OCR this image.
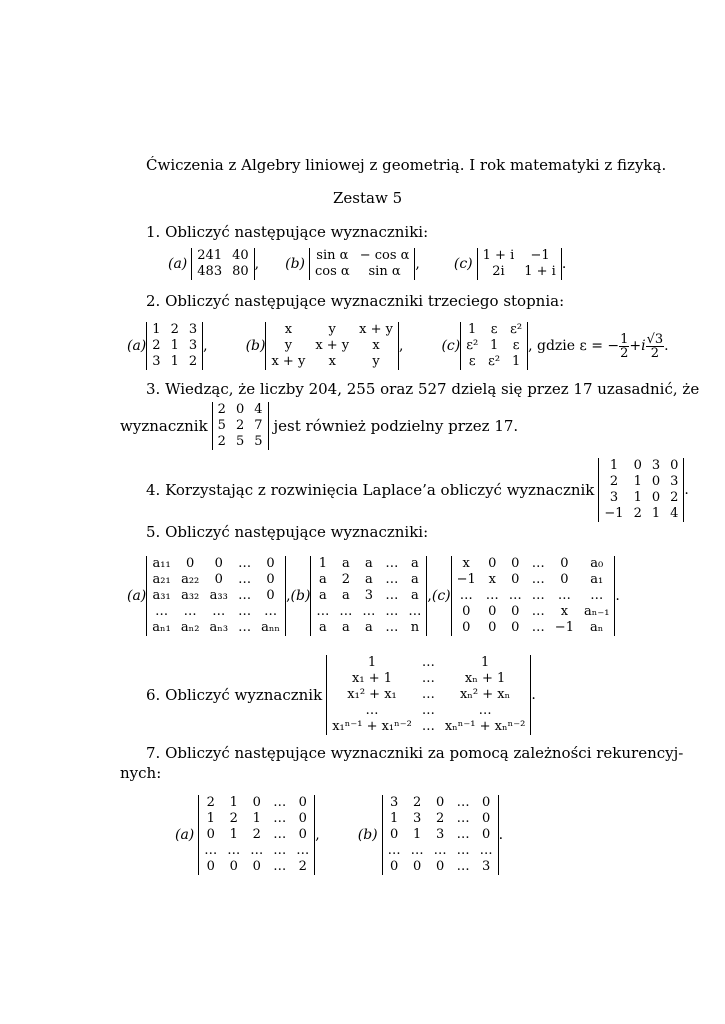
Ćwiczenia z Algebry liniowej z geometrią. I rok matematyki z fizyką.
Zestaw 5
1. Obliczyć następujące wyznaczniki:
(a)
241	40
483	80 , (b)
sin α	− cos α
cos α	sin α , (c)
1 + i	−1
2i	1 + i .
2. Obliczyć następujące wyznaczniki trzeciego stopnia:
(a)
1	2	3
2	1	3
3	1	2
,	(b)
x	y	x + y
y	x + y	x
x + y	x	y
,	(c)
1	ε	ε²
ε²	1	ε
ε	ε²	1
, gdzie ε = − $\frac{1}{2} +i \frac{√3}{2}$ .
3. Wiedząc, że liczby 204, 255 oraz 527 dzielą się przez 17 uzasadnić, że
wyznacznik
2	0	4
5	2	7
2	5	5
jest również podzielny przez 17.
4. Korzystając z rozwinięcia Laplace’a obliczyć wyznacznik
1	0	3	0
2	1	0	3
3	1	0	2
−1	2	1	4
.
5. Obliczyć następujące wyznaczniki:
(a)
a₁₁	0	0	…	0
a₂₁	a₂₂	0	…	0
a₃₁	a₃₂	a₃₃	…	0
…	…	…	…	…
aₙ₁	aₙ₂	aₙ₃	…	aₙₙ
, (b)
1	a	a	…	a
a	2	a	…	a
a	a	3	…	a
…	…	…	…	…
a	a	a	…	n
, (c)
x	0	0	…	0	a₀
−1	x	0	…	0	a₁
…	…	…	…	…	…
0	0	0	…	x	aₙ₋₁
0	0	0	…	−1	aₙ
.
6. Obliczyć wyznacznik
1	…	1
x₁ + 1	…	xₙ + 1
x₁² + x₁	…	xₙ² + xₙ
…	…	…
x₁ⁿ⁻¹ + x₁ⁿ⁻²	…	xₙⁿ⁻¹ + xₙⁿ⁻²
.
7. Obliczyć następujące wyznaczniki za pomocą zależności rekurencyj-
nych:
(a)
2	1	0	…	0
1	2	1	…	0
0	1	2	…	0
…	…	…	…	…
0	0	0	…	2
,	(b)
3	2	0	…	0
1	3	2	…	0
0	1	3	…	0
…	…	…	…	…
0	0	0	…	3
.
